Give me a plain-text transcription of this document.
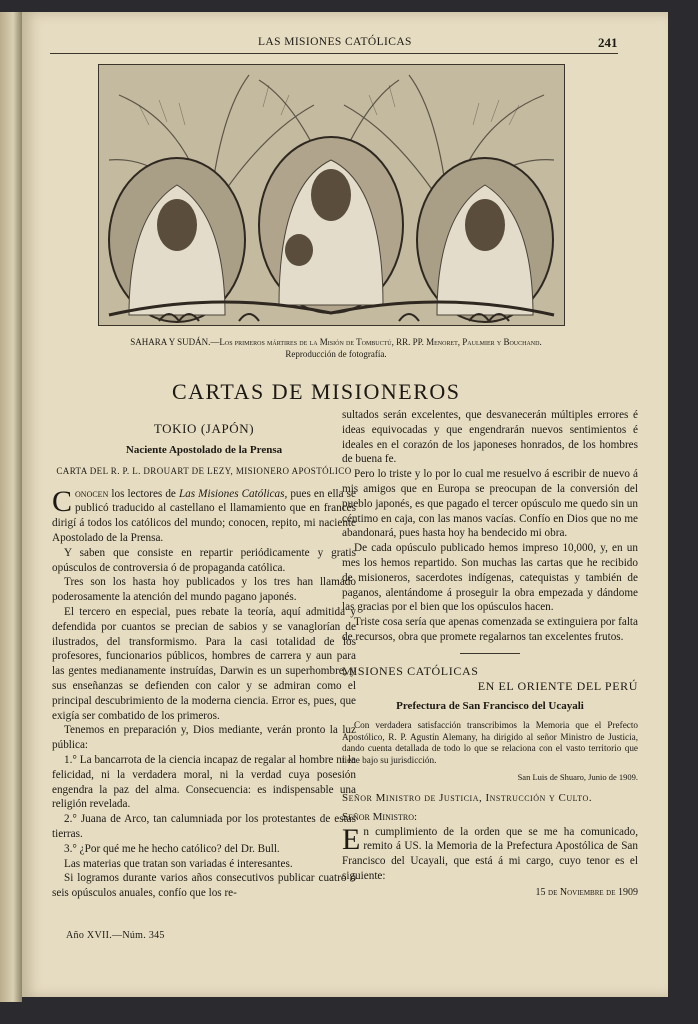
LAS MISIONES CATÓLICAS	241
SAHARA Y SUDÁN.—Los primeros mártires de la Misión de Tombuctú, RR. PP. Menoret, Paulmier y Bouchand.
Reproducción de fotografía.
CARTAS DE MISIONEROS

TOKIO (JAPÓN)

Naciente Apostolado de la Prensa

CARTA DEL R. P. L. DROUART DE LEZY, MISIONERO APOSTÓLICO

Conocen los lectores de Las Misiones Católicas, pues en ella se publicó traducido al castellano el llamamiento que en francés dirigí á todos los católicos del mundo; conocen, repito, mi naciente Apostolado de la Prensa.

Y saben que consiste en repartir periódicamente y gratis opúsculos de controversia ó de propaganda católica.

Tres son los hasta hoy publicados y los tres han llamado poderosamente la atención del mundo pagano japonés.

El tercero en especial, pues rebate la teoría, aquí admitida y defendida por cuantos se precian de sabios y se vanaglorían de ilustrados, del transformismo. Para la casi totalidad de los profesores, funcionarios públicos, hombres de carrera y aun para las gentes medianamente instruídas, Darwin es un superhombre, y sus enseñanzas se defienden con calor y se admiran como el principal descubrimiento de la moderna ciencia. Error es, pues, que exigía ser combatido de los primeros.

Tenemos en preparación y, Dios mediante, verán pronto la luz pública:

1.° La bancarrota de la ciencia incapaz de regalar al hombre ni la felicidad, ni la verdadera moral, ni la verdad cuya posesión engendra la paz del alma. Consecuencia: es indispensable una religión revelada.

2.° Juana de Arco, tan calumniada por los protestantes de estas tierras.

3.° ¿Por qué me he hecho católico? del Dr. Bull.

Las materias que tratan son variadas é interesantes.

Si logramos durante varios años consecutivos publicar cuatro ó seis opúsculos anuales, confío que los re-

Año XVII.—Núm. 345

sultados serán excelentes, que desvanecerán múltiples errores é ideas equivocadas y que engendrarán nuevos sentimientos é ideales en el corazón de los japoneses honrados, de los hombres de buena fe.

Pero lo triste y lo por lo cual me resuelvo á escribir de nuevo á mis amigos que en Europa se preocupan de la conversión del pueblo japonés, es que pagado el tercer opúsculo me quedo sin un céntimo en caja, con las manos vacías. Confío en Dios que no me abandonará, pues hasta hoy ha bendecido mi obra.

De cada opúsculo publicado hemos impreso 10,000, y, en un mes los hemos repartido. Son muchas las cartas que he recibido de misioneros, sacerdotes indígenas, catequistas y también de paganos, alentándome á proseguir la obra empezada y dándome las gracias por el bien que los opúsculos hacen.

Triste cosa sería que apenas comenzada se extinguiera por falta de recursos, obra que promete regalarnos tan excelentes frutos.

MISIONES CATÓLICAS

EN EL ORIENTE DEL PERÚ

Prefectura de San Francisco del Ucayali

Con verdadera satisfacción transcribimos la Memoria que el Prefecto Apostólico, R. P. Agustín Alemany, ha dirigido al señor Ministro de Justicia, dando cuenta detallada de todo lo que se relaciona con el vasto territorio que tiene bajo su jurisdicción.

San Luis de Shuaro, Junio de 1909.

Señor Ministro de Justicia, Instrucción y Culto.

Señor Ministro:

En cumplimiento de la orden que se me ha comunicado, remito á US. la Memoria de la Prefectura Apostólica de San Francisco del Ucayali, que está á mi cargo, cuyo tenor es el siguiente:

15 de Noviembre de 1909
